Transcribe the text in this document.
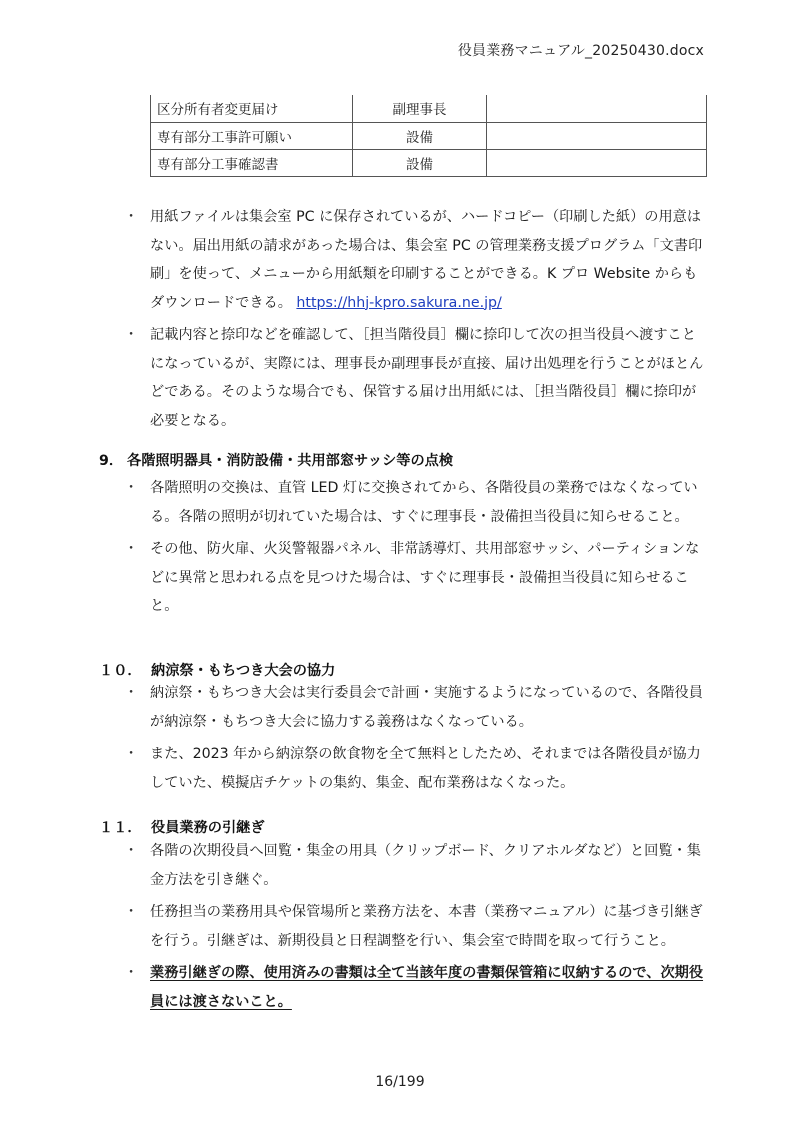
役員業務マニュアル_20250430.docx
区分所有者変更届け	副理事長	
専有部分工事許可願い	設備	
専有部分工事確認書	設備	
・ 用紙ファイルは集会室 PC に保存されているが、ハードコピー（印刷した紙）の用意はない。届出用紙の請求があった場合は、集会室 PC の管理業務支援プログラム「文書印刷」を使って、メニューから用紙類を印刷することができる。K プロ Website からもダウンロードできる。 https://hhj-kpro.sakura.ne.jp/
・ 記載内容と捺印などを確認して、［担当階役員］欄に捺印して次の担当役員へ渡すことになっているが、実際には、理事長か副理事長が直接、届け出処理を行うことがほとんどである。そのような場合でも、保管する届け出用紙には、［担当階役員］欄に捺印が必要となる。
9． 各階照明器具・消防設備・共用部窓サッシ等の点検
・ 各階照明の交換は、直管 LED 灯に交換されてから、各階役員の業務ではなくなっている。各階の照明が切れていた場合は、すぐに理事長・設備担当役員に知らせること。
・ その他、防火扉、火災警報器パネル、非常誘導灯、共用部窓サッシ、パーティションなどに異常と思われる点を見つけた場合は、すぐに理事長・設備担当役員に知らせること。
１０． 納涼祭・もちつき大会の協力
・ 納涼祭・もちつき大会は実行委員会で計画・実施するようになっているので、各階役員が納涼祭・もちつき大会に協力する義務はなくなっている。
・ また、2023 年から納涼祭の飲食物を全て無料としたため、それまでは各階役員が協力していた、模擬店チケットの集約、集金、配布業務はなくなった。
１１． 役員業務の引継ぎ
・ 各階の次期役員へ回覧・集金の用具（クリップボード、クリアホルダなど）と回覧・集金方法を引き継ぐ。
・ 任務担当の業務用具や保管場所と業務方法を、本書（業務マニュアル）に基づき引継ぎを行う。引継ぎは、新期役員と日程調整を行い、集会室で時間を取って行うこと。
・ 業務引継ぎの際、使用済みの書類は全て当該年度の書類保管箱に収納するので、次期役員には渡さないこと。
16/199
